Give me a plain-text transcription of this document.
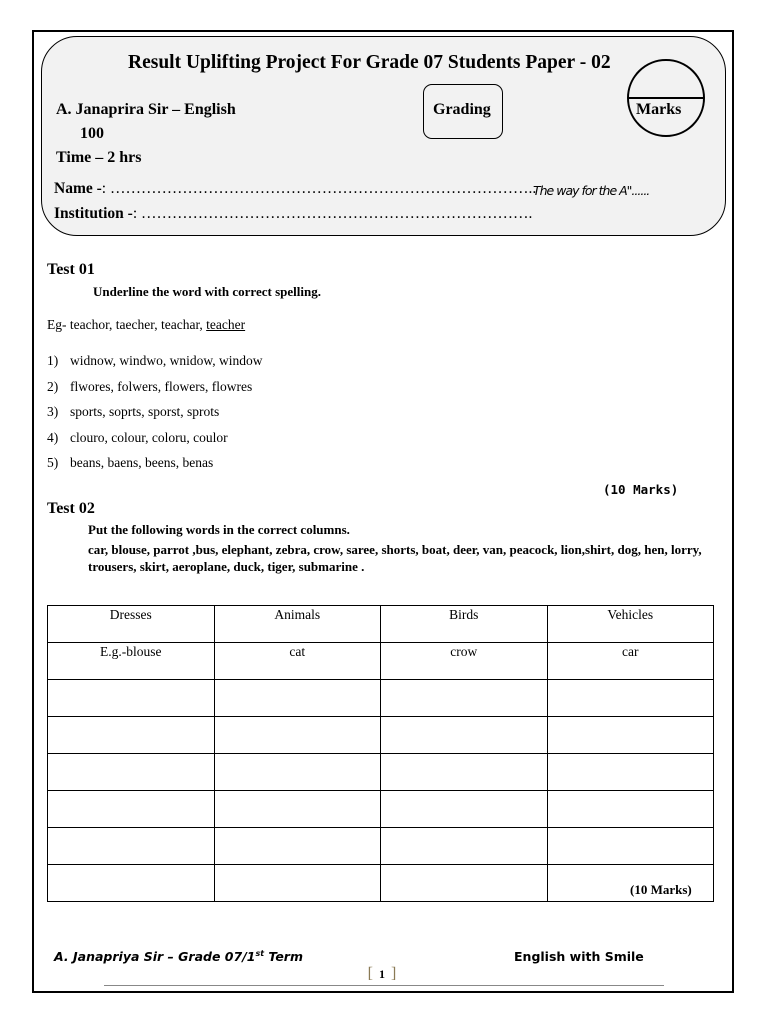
Result Uplifting Project For Grade 07 Students Paper - 02
A. Janaprira Sir – English
100
Time – 2 hrs
Grading	Marks
Name -: ………………………………………………………………………..
The way for the A"......
Institution -: ………………………………………………………………….
Test 01
Underline the word with correct spelling.
Eg- teachor, taecher, teachar, teacher
1) widnow, windwo, wnidow, window
2) flwores, folwers, flowers, flowres
3) sports, soprts, sporst, sprots
4) clouro, colour, coloru, coulor
5) beans, baens, beens, benas
(10 Marks)
Test 02
Put the following words in the correct columns.
car, blouse, parrot ,bus, elephant, zebra, crow, saree, shorts, boat, deer, van, peacock, lion,shirt, dog, hen, lorry, trousers, skirt, aeroplane, duck, tiger, submarine .
Dresses	Animals	Birds	Vehicles
E.g.-blouse	cat	crow	car

(10 Marks)
A. Janapriya Sir – Grade 07/1st Term	English with Smile
[ 1 ]
